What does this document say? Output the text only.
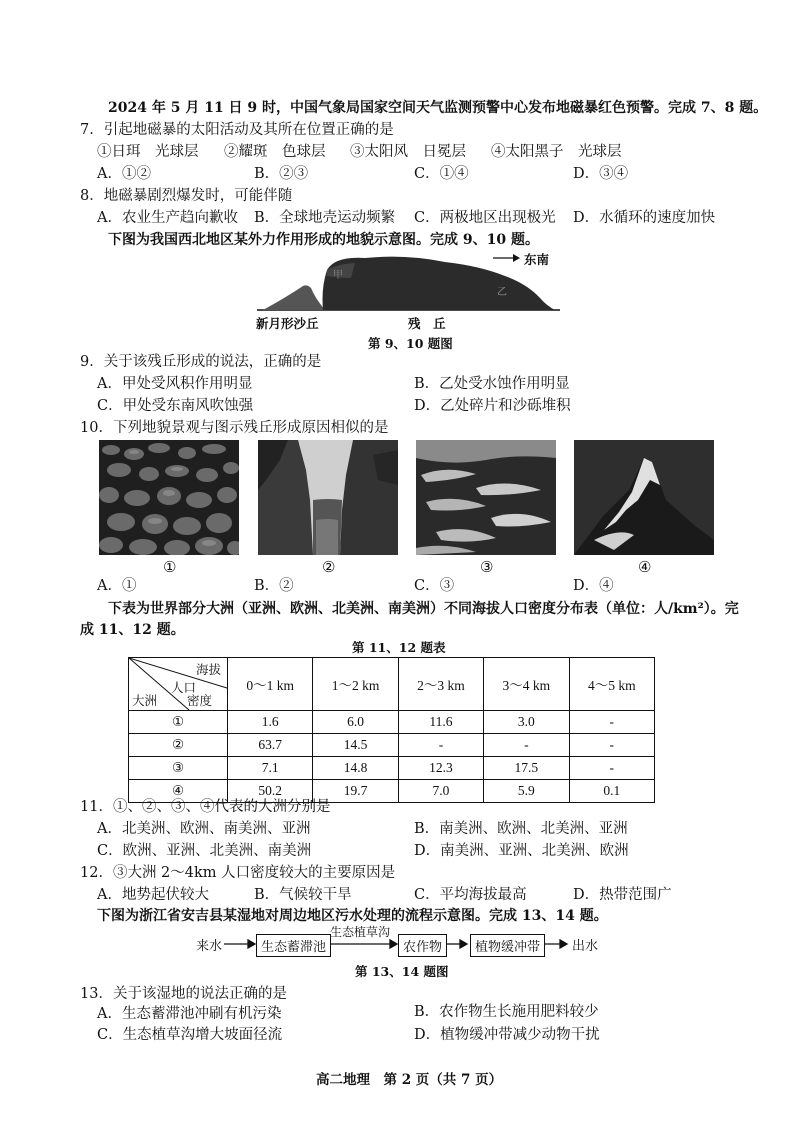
2024 年 5 月 11 日 9 时，中国气象局国家空间天气监测预警中心发布地磁暴红色预警。完成 7、8 题。
7．引起地磁暴的太阳活动及其所在位置正确的是
①日珥　光球层 ②耀斑　色球层 ③太阳风　日冕层 ④太阳黑子　光球层
A．①②	B．②③	C．①④	D．③④
8．地磁暴剧烈爆发时，可能伴随
A．农业生产趋向歉收 B．全球地壳运动频繁 C．两极地区出现极光 D．水循环的速度加快
下图为我国西北地区某外力作用形成的地貌示意图。完成 9、10 题。
甲
乙
东南
新月形沙丘	残　丘
第 9、10 题图
9．关于该残丘形成的说法，正确的是
A．甲处受风积作用明显	B．乙处受水蚀作用明显
C．甲处受东南风吹蚀强	D．乙处碎片和沙砾堆积
10．下列地貌景观与图示残丘形成原因相似的是
①	②	③	④
A．①	B．②	C．③	D．④
下表为世界部分大洲（亚洲、欧洲、北美洲、南美洲）不同海拔人口密度分布表（单位：人/km²）。完
成 11、12 题。
第 11、12 题表
海拔
人口
大洲 密度	0～1 km	1～2 km	2～3 km	3～4 km	4～5 km
①	1.6	6.0	11.6	3.0	-
②	63.7	14.5	-	-	-
③	7.1	14.8	12.3	17.5	-
④	50.2	19.7	7.0	5.9	0.1
11．①、②、③、④代表的大洲分别是
A．北美洲、欧洲、南美洲、亚洲	B．南美洲、欧洲、北美洲、亚洲
C．欧洲、亚洲、北美洲、南美洲	D．南美洲、亚洲、北美洲、欧洲
12．③大洲 2～4km 人口密度较大的主要原因是
A．地势起伏较大	B．气候较干旱	C．平均海拔最高	D．热带范围广
下图为浙江省安吉县某湿地对周边地区污水处理的流程示意图。完成 13、14 题。
来水	生态蓄滞池
生态植草沟
农作物	植物缓冲带	出水
第 13、14 题图
13．关于该湿地的说法正确的是
A．生态蓄滞池冲刷有机污染	B．农作物生长施用肥料较少
C．生态植草沟增大坡面径流	D．植物缓冲带减少动物干扰
高二地理　第 2 页（共 7 页）
